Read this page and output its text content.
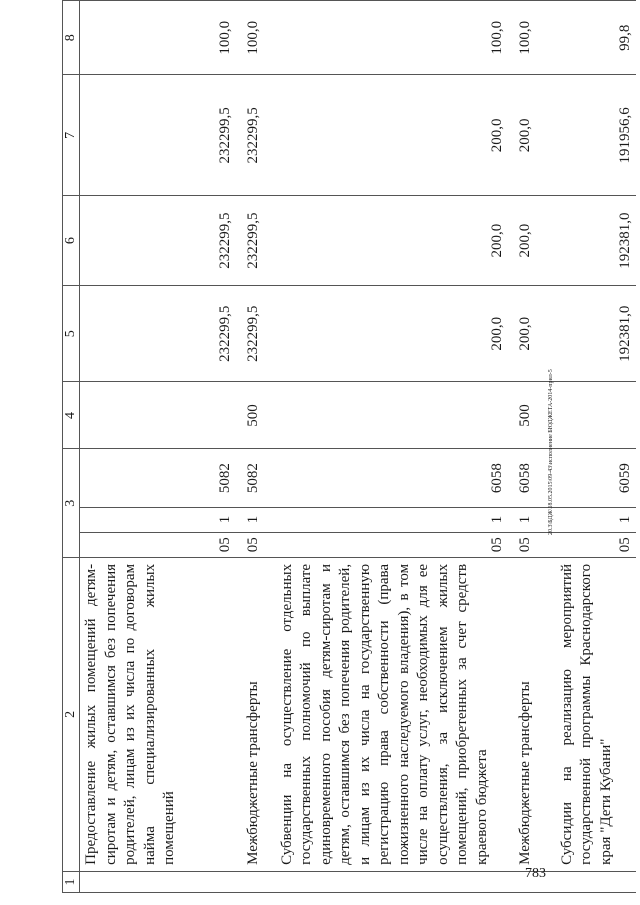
1	2	3			4	5	6	7	8
	Предоставление жилых помещений детям-сиротам и детям, оставшимся без попечения родителей, лицам из их числа по договорам найма специализированных жилых помещений	05	1	5082		232299,5	232299,5	232299,5	100,0
	Межбюджетные трансферты	05	1	5082	500	232299,5	232299,5	232299,5	100,0
	Субвенции на осуществление отдельных государственных полномочий по выплате единовременного пособия детям-сиротам и детям, оставшимся без попечения родителей, и лицам из их числа на государственную регистрацию права собственности (права пожизненного наследуемого владения), в том числе на оплату услуг, необходимых для ее осуществления, за исключением жилых помещений, приобретенных за счет средств краевого бюджета	05	1	6058		200,0	200,0	200,0	100,0
	Межбюджетные трансферты	05	1	6058	500	200,0	200,0	200,0	100,0
	Субсидии на реализацию мероприятий государственной программы Краснодарского края "Дети Кубани"	05	1	6059		192381,0	192381,0	191956,6	99,8
20.3\БДЖ\18.05.2015\09-43\исполнение БЮДЖЕТА-2014-прил-5
783
